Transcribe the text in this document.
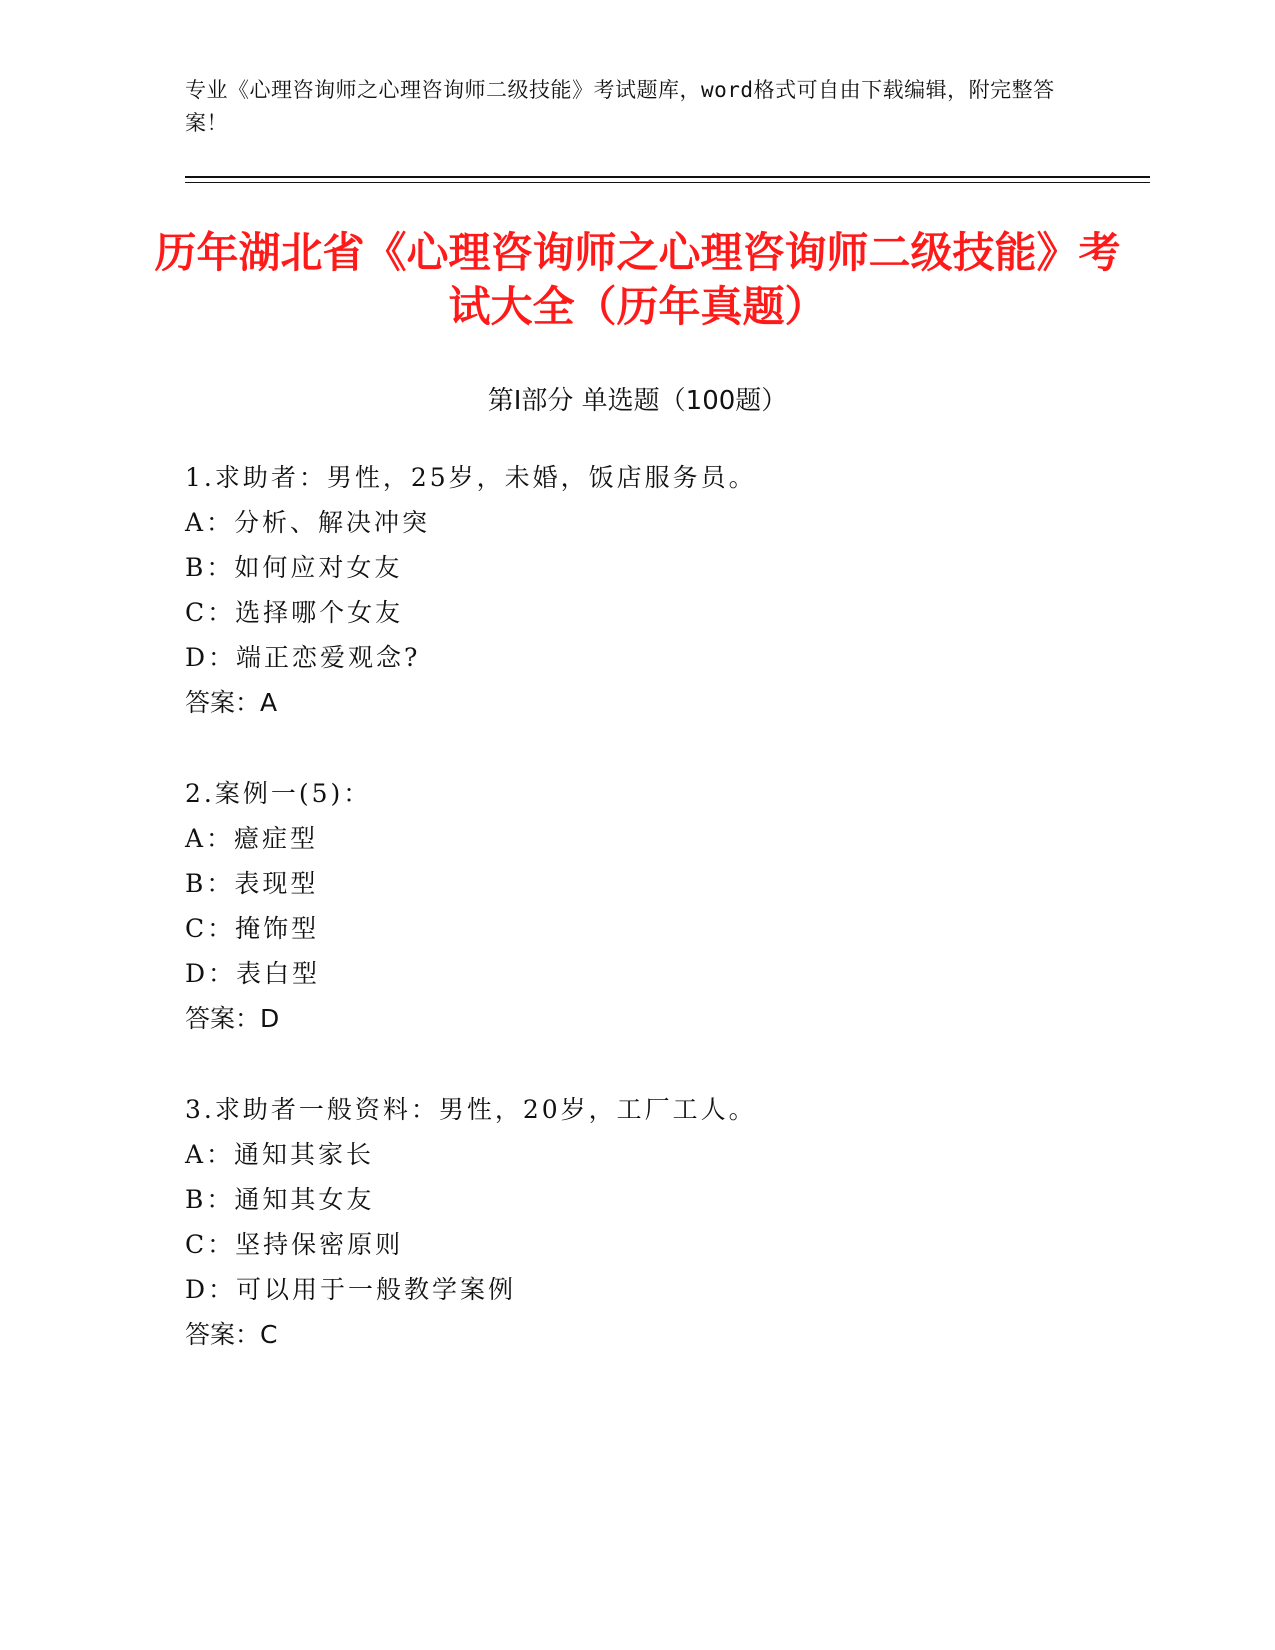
专业《心理咨询师之心理咨询师二级技能》考试题库，word格式可自由下载编辑，附完整答案！
历年湖北省《心理咨询师之心理咨询师二级技能》考试大全（历年真题）
第Ⅰ部分 单选题（100题）
1.求助者：男性，25岁，未婚，饭店服务员。
A：分析、解决冲突
B：如何应对女友
C：选择哪个女友
D：端正恋爱观念?
答案：A
2.案例一(5)：
A：癔症型
B：表现型
C：掩饰型
D：表白型
答案：D
3.求助者一般资料：男性，20岁，工厂工人。
A：通知其家长
B：通知其女友
C：坚持保密原则
D：可以用于一般教学案例
答案：C
